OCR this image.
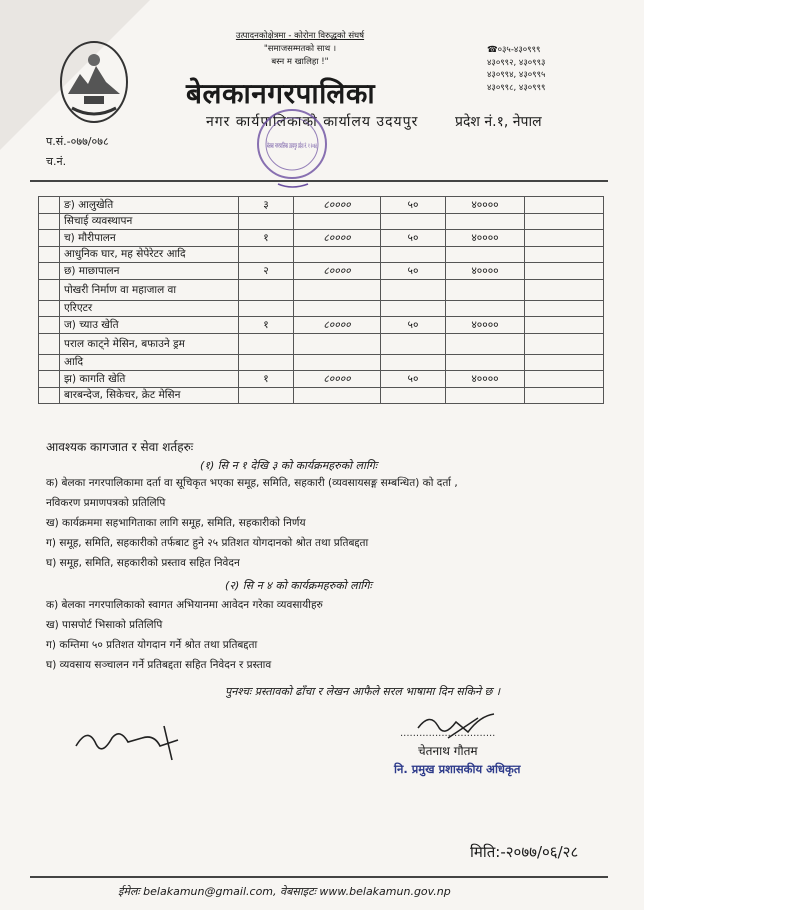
उत्पादनकोक्षेत्रमा - कोरोना विरुद्धको संघर्ष
"समाजसम्मतको साथ ।
बस्न म खालिहा !"
☎०३५-४३०९९९
४३०९९२, ४३०९९३
४३०९९४, ४३०९९५
४३०९९८, ४३०९९९
बेलकानगरपालिका
नगर कार्यपालिकाको कार्यालय उदयपुर	प्रदेश नं.१, नेपाल
प.सं.-०७७/०७८
च.नं.
बेलका नगरपालिका उदयपुर प्रदेश नं. १ २०७३
	ङ) आलुखेति	३	८००००	५०	४००००	
	सिचाई व्यवस्थापन					
	च) मौरीपालन	१	८००००	५०	४००००	
	आधुनिक घार, मह सेपेरेटर आदि					
	छ) माछापालन	२	८००००	५०	४००००	
	पोखरी निर्माण वा महाजाल वा					
	एरिएटर					
	ज) च्याउ खेति	१	८००००	५०	४००००	
	पराल काट्ने मेसिन, बफाउने ड्रम					
	आदि					
	झ) कागति खेति	१	८००००	५०	४००००	
	बारबन्देज, सिकेचर, क्रेट मेसिन					
आवश्यक कागजात र सेवा शर्तहरुः
(१) सि न १ देखि ३ को कार्यक्रमहरुको लागिः
क) बेलका नगरपालिकामा दर्ता वा सूचिकृत भएका समूह, समिति, सहकारी (व्यवसायसङ्ग सम्बन्धित) को दर्ता ,
नविकरण प्रमाणपत्रको प्रतिलिपि
ख) कार्यक्रममा सहभागिताका लागि समूह, समिति, सहकारीको निर्णय
ग) समूह, समिति, सहकारीको तर्फबाट हुने २५ प्रतिशत योगदानको श्रोत तथा प्रतिबद्दता
घ) समूह, समिति, सहकारीको प्रस्ताव सहित निवेदन
(२) सि न ४ को कार्यक्रमहरुको लागिः
क) बेलका नगरपालिकाको स्वागत अभियानमा आवेदन गरेका व्यवसायीहरु
ख) पासपोर्ट भिसाको प्रतिलिपि
ग) कम्तिमा ५० प्रतिशत योगदान गर्ने श्रोत तथा प्रतिबद्दता
घ) व्यवसाय सञ्चालन गर्ने प्रतिबद्दता सहित निवेदन र प्रस्ताव
पुनश्चः प्रस्तावको ढाँचा र लेखन आफैले सरल भाषामा दिन सकिने छ ।
..............................
चेतनाथ गौतम
नि. प्रमुख प्रशासकीय अधिकृत
मिति:-२०७७/०६/२८
ईमेलः belakamun@gmail.com, वेबसाइटः www.belakamun.gov.np
